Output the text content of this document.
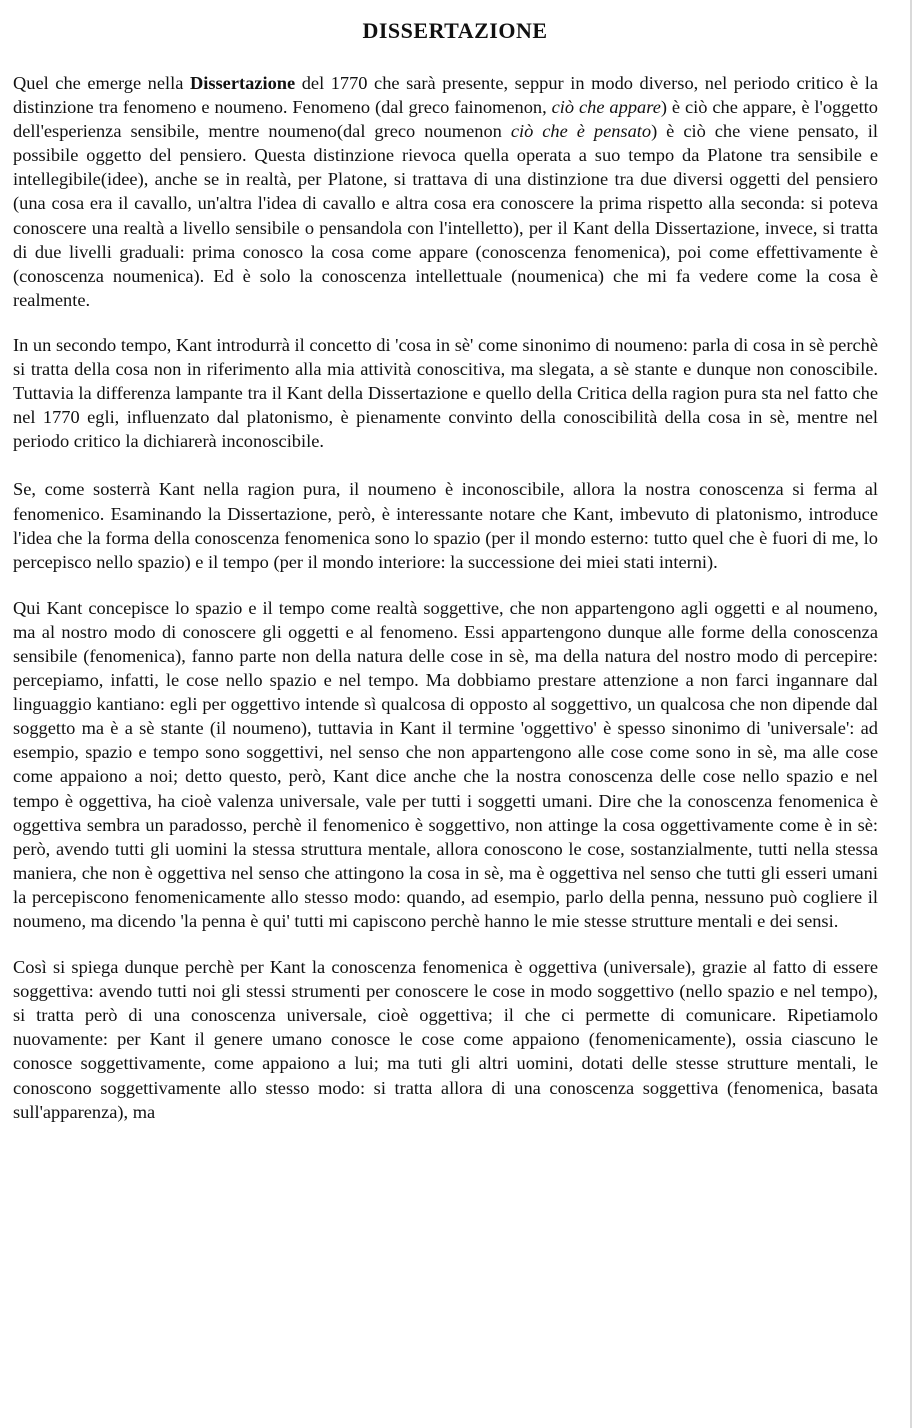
DISSERTAZIONE

Quel che emerge nella Dissertazione del 1770 che sarà presente, seppur in modo diverso, nel periodo critico è la distinzione tra fenomeno e noumeno. Fenomeno (dal greco fainomenon, ciò che appare) è ciò che appare, è l'oggetto dell'esperienza sensibile, mentre noumeno(dal greco noumenon ciò che è pensato) è ciò che viene pensato, il possibile oggetto del pensiero. Questa distinzione rievoca quella operata a suo tempo da Platone tra sensibile e intellegibile(idee), anche se in realtà, per Platone, si trattava di una distinzione tra due diversi oggetti del pensiero (una cosa era il cavallo, un'altra l'idea di cavallo e altra cosa era conoscere la prima rispetto alla seconda: si poteva conoscere una realtà a livello sensibile o pensandola con l'intelletto), per il Kant della Dissertazione, invece, si tratta di due livelli graduali: prima conosco la cosa come appare (conoscenza fenomenica), poi come effettivamente è (conoscenza noumenica). Ed è solo la conoscenza intellettuale (noumenica) che mi fa vedere come la cosa è realmente.

In un secondo tempo, Kant introdurrà il concetto di 'cosa in sè' come sinonimo di noumeno: parla di cosa in sè perchè si tratta della cosa non in riferimento alla mia attività conoscitiva, ma slegata, a sè stante e dunque non conoscibile. Tuttavia la differenza lampante tra il Kant della Dissertazione e quello della Critica della ragion pura sta nel fatto che nel 1770 egli, influenzato dal platonismo, è pienamente convinto della conoscibilità della cosa in sè, mentre nel periodo critico la dichiarerà inconoscibile.

Se, come sosterrà Kant nella ragion pura, il noumeno è inconoscibile, allora la nostra conoscenza si ferma al fenomenico. Esaminando la Dissertazione, però, è interessante notare che Kant, imbevuto di platonismo, introduce l'idea che la forma della conoscenza fenomenica sono lo spazio (per il mondo esterno: tutto quel che è fuori di me, lo percepisco nello spazio) e il tempo (per il mondo interiore: la successione dei miei stati interni).

Qui Kant concepisce lo spazio e il tempo come realtà soggettive, che non appartengono agli oggetti e al noumeno, ma al nostro modo di conoscere gli oggetti e al fenomeno. Essi appartengono dunque alle forme della conoscenza sensibile (fenomenica), fanno parte non della natura delle cose in sè, ma della natura del nostro modo di percepire: percepiamo, infatti, le cose nello spazio e nel tempo. Ma dobbiamo prestare attenzione a non farci ingannare dal linguaggio kantiano: egli per oggettivo intende sì qualcosa di opposto al soggettivo, un qualcosa che non dipende dal soggetto ma è a sè stante (il noumeno), tuttavia in Kant il termine 'oggettivo' è spesso sinonimo di 'universale': ad esempio, spazio e tempo sono soggettivi, nel senso che non appartengono alle cose come sono in sè, ma alle cose come appaiono a noi; detto questo, però, Kant dice anche che la nostra conoscenza delle cose nello spazio e nel tempo è oggettiva, ha cioè valenza universale, vale per tutti i soggetti umani. Dire che la conoscenza fenomenica è oggettiva sembra un paradosso, perchè il fenomenico è soggettivo, non attinge la cosa oggettivamente come è in sè: però, avendo tutti gli uomini la stessa struttura mentale, allora conoscono le cose, sostanzialmente, tutti nella stessa maniera, che non è oggettiva nel senso che attingono la cosa in sè, ma è oggettiva nel senso che tutti gli esseri umani la percepiscono fenomenicamente allo stesso modo: quando, ad esempio, parlo della penna, nessuno può cogliere il noumeno, ma dicendo 'la penna è qui' tutti mi capiscono perchè hanno le mie stesse strutture mentali e dei sensi.

Così si spiega dunque perchè per Kant la conoscenza fenomenica è oggettiva (universale), grazie al fatto di essere soggettiva: avendo tutti noi gli stessi strumenti per conoscere le cose in modo soggettivo (nello spazio e nel tempo), si tratta però di una conoscenza universale, cioè oggettiva; il che ci permette di comunicare. Ripetiamolo nuovamente: per Kant il genere umano conosce le cose come appaiono (fenomenicamente), ossia ciascuno le conosce soggettivamente, come appaiono a lui; ma tuti gli altri uomini, dotati delle stesse strutture mentali, le conoscono soggettivamente allo stesso modo: si tratta allora di una conoscenza soggettiva (fenomenica, basata sull'apparenza), ma
